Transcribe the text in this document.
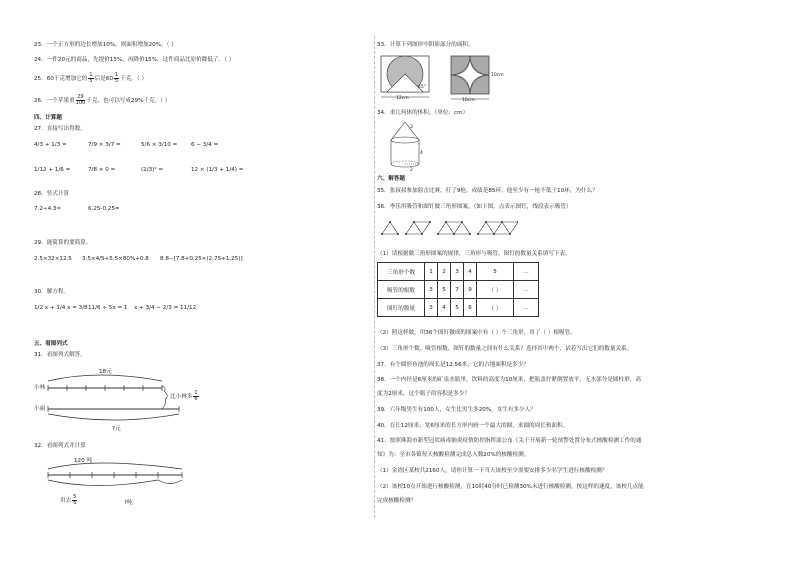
23．一个正方形的边长增加10%，则面积增加20%。（ ）
24．一件20元的商品，先提价15%，再降价15%，这件商品比原价降低了。（ ）
25．60千克增加它的 $\frac{1}{5}$ 后是$60 \frac{1}{5}$ 千克。（ ）
26．一个苹果重 $\frac{29}{100}$ 千克，也可以写成29%千克。（ ）
四、计算题
27．直接写出得数。
4/3 + 1/3 =	7/9 × 3/7 =	5/6 × 3/10 = 6 − 3/4 =
1/12 + 1/6 =	7/8 × 0 =	(2/3)² =	12 × (1/3 + 1/4) =
28．竖式计算
7.2÷4.3≈	6.25-0.25=
29．能简算的要简算。
2.5×32×12.5 3.5×4/5+5.5×80%+0.8 8.8−[7.8+0.25×(2.75+1.25)]
30．解方程。
1/2 x + 1/4 x = 3/8 11/6 ÷ 5x = 1 x + 3/4 − 2/3 = 11/12
五、看图列式
31．看图列式解答。
18元
小林
小丽
比小林多 $\frac{1}{6}$
?元
32．看图列式并计算
120 吨
用去 $\frac{5}{6}$	?吨
33．计算下列图形中阴影部分的面积。
12cm
45°
10cm
10cm
34．求几何体的体积。（单位：cm）
3
4
2
六、解答题
35．张叔叔参加射击比赛，打了9枪，成绩是85环。他至少有一枪不低于10环，为什么？
36．李乐用吸管和图钉做三角形图案。（如下图，点表示图钉，线段表示吸管）
（1）请根据做三角形图案的规律，三角形与吸管，图钉的数量关系填写下表。
三角形个数	1	2	3	4	5	…
吸管的根数	3	5	7	9	（ ）	…
图钉的数量	3	4	5	6	（ ）	…
（2）照这样做，用36个图钉做成的图案中有（ ）个三角形，用了（ ）根吸管。
（3）三角形个数、吸管根数、图钉的数量之间有什么关系？选择其中两个，试着写出它们的数量关系。
37．有个圆形鱼池的周长是12.56米，它的占地面积是多少？
38．一个内径是6厘米的矿泉水瓶里，饮料的高度为10厘米，把瓶盖拧紧倒置放平，无水部分是圆柱形，高
度为2厘米，这个瓶子的容积是多少？
39．六年级男生有100人，女生比男生多20%，女生有多少人？
40．在长12厘米，宽6厘米的长方形内画一个最大的圆，求圆的周长和面积。
41．按照珠海市新型冠状病毒肺炎疫情防控指挥部公布《关于开展新一轮预警处置分布式核酸检测工作的通
知》为：全市各镇每天核酸检测完成总人数20%的核酸检测。
（1）金湾区某校共2160人，请你计算一下当天该校至少需要安排多少名学生进行核酸检测？
（2）该校10点开始进行核酸检测，在10时40分时已检测30%未进行核酸检测，按这样的速度，该校几点能
完成核酸检测？
